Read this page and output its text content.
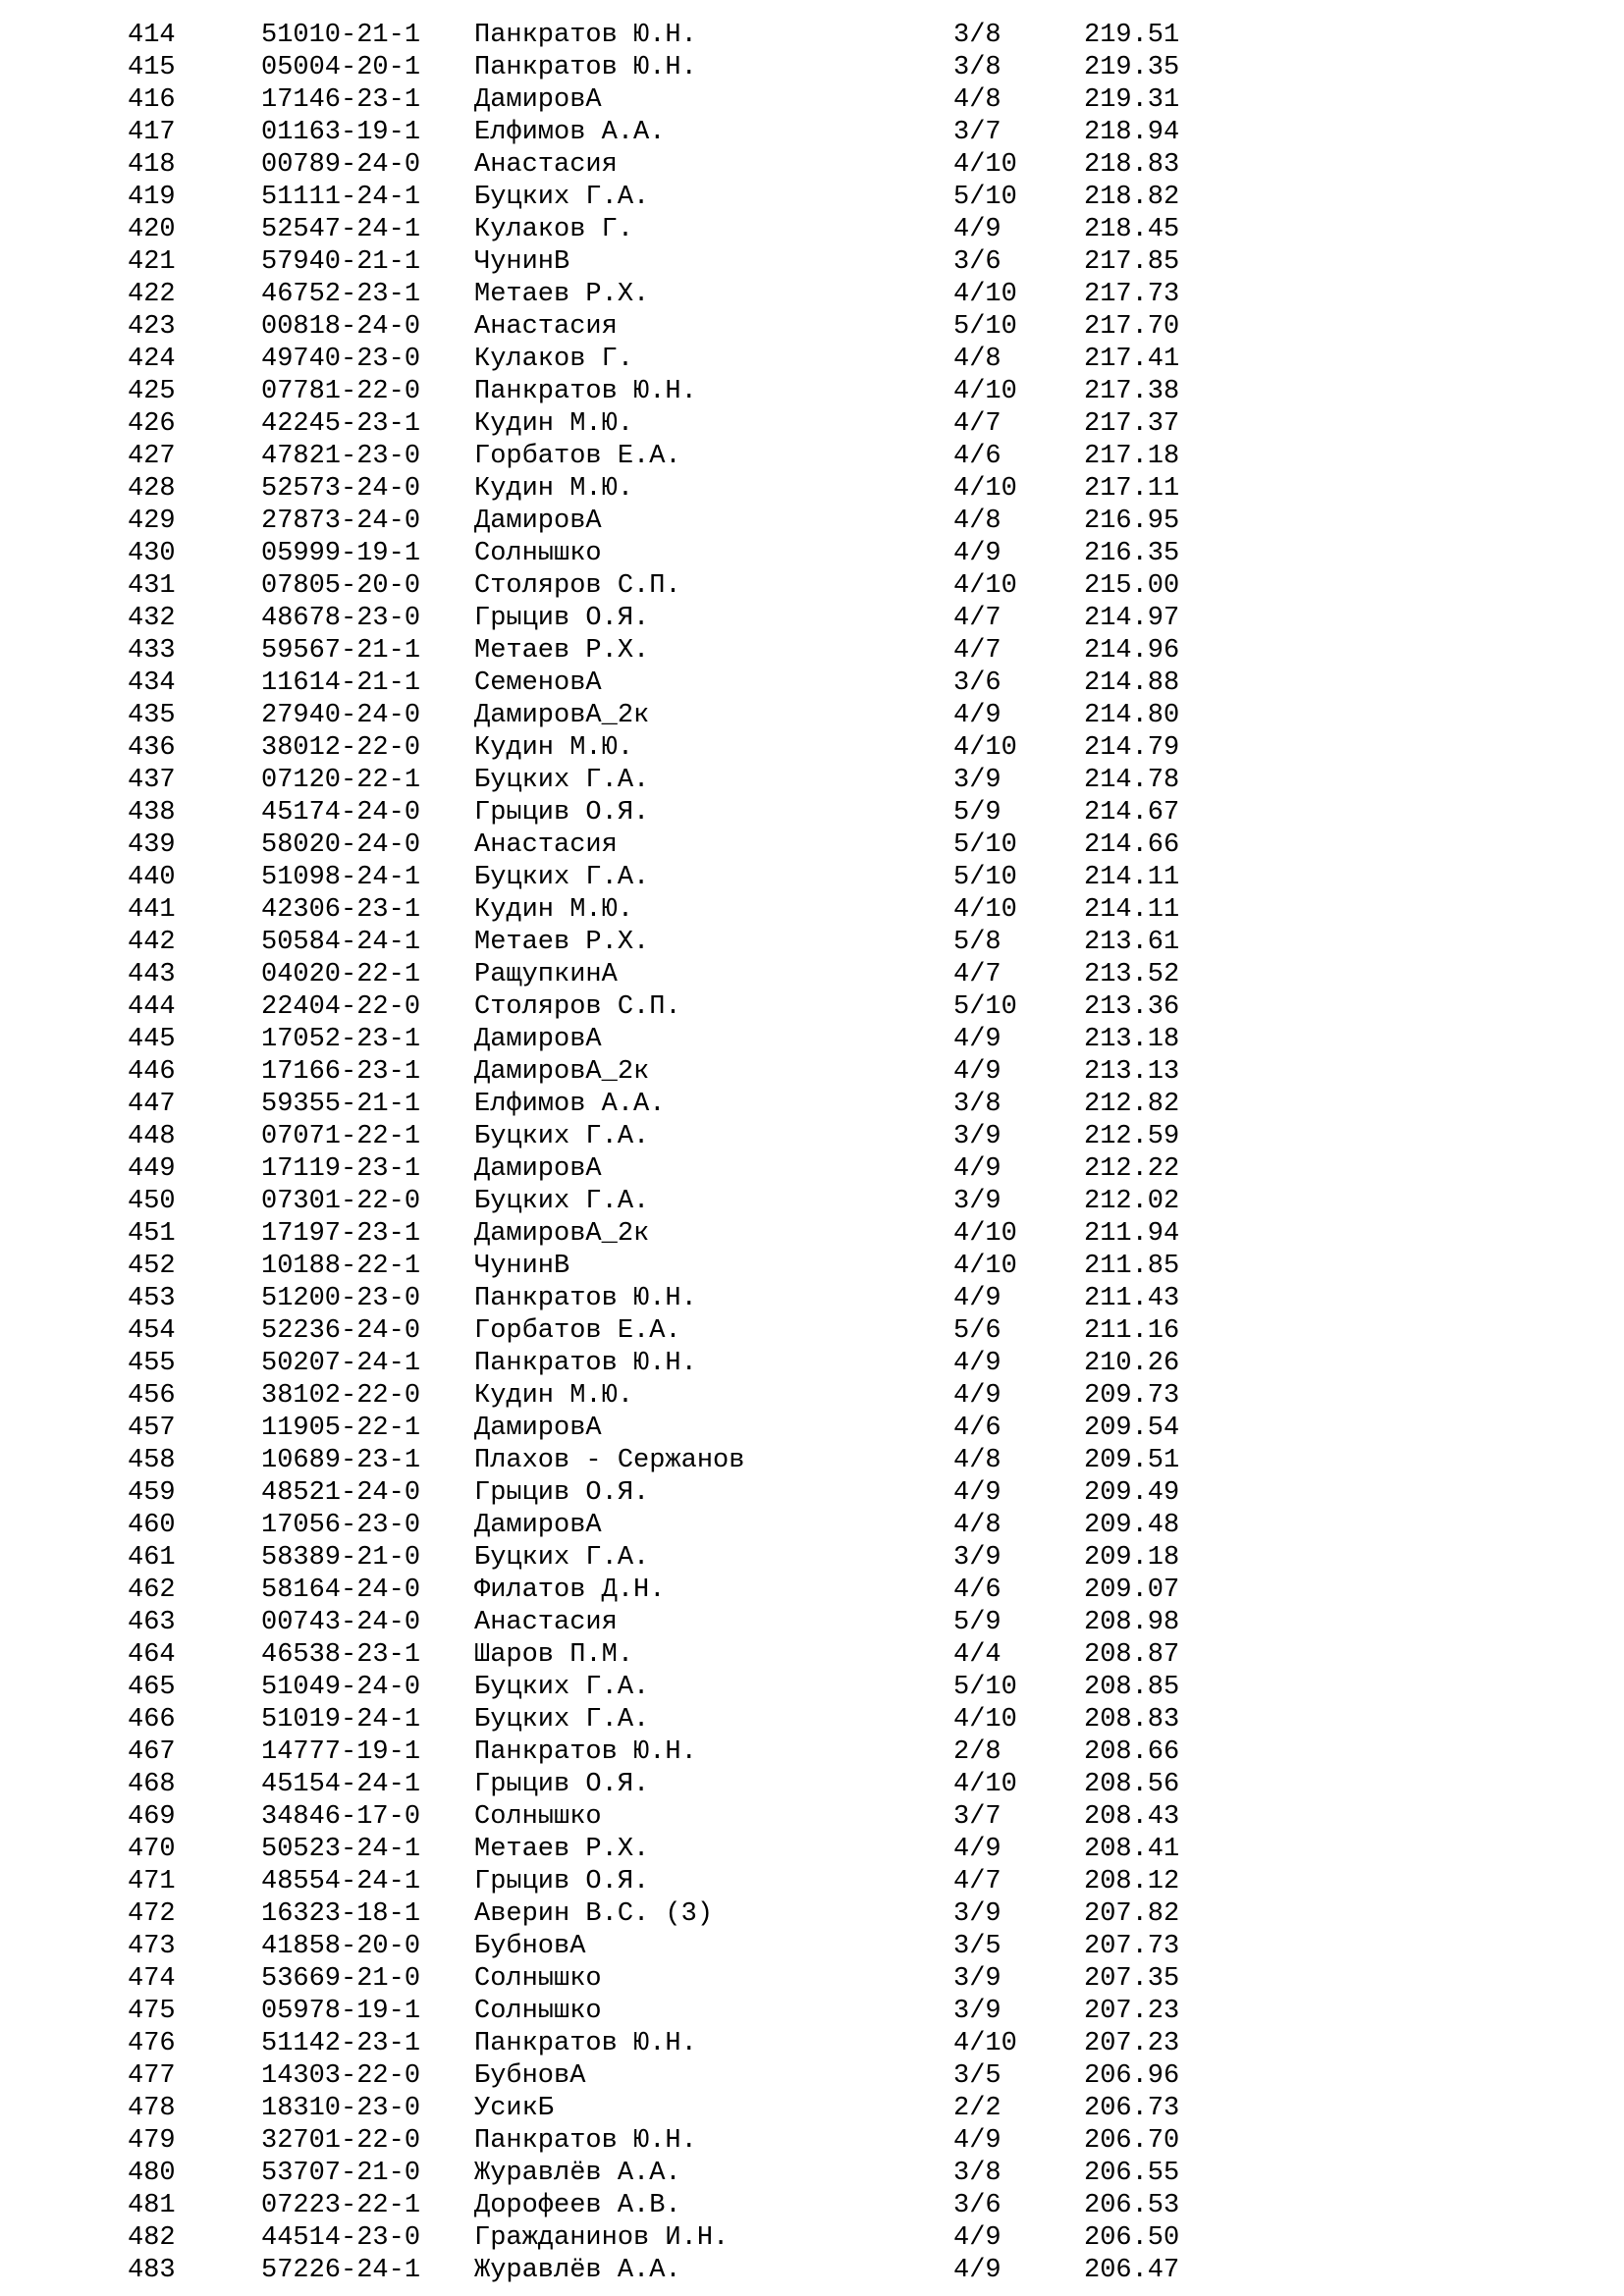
414	51010-21-1	Панкратов Ю.Н.	3/8	219.51
415	05004-20-1	Панкратов Ю.Н.	3/8	219.35
416	17146-23-1	ДамировА	4/8	219.31
417	01163-19-1	Елфимов А.А.	3/7	218.94
418	00789-24-0	Анастасия	4/10	218.83
419	51111-24-1	Буцких Г.А.	5/10	218.82
420	52547-24-1	Кулаков Г.	4/9	218.45
421	57940-21-1	ЧунинВ	3/6	217.85
422	46752-23-1	Метаев Р.Х.	4/10	217.73
423	00818-24-0	Анастасия	5/10	217.70
424	49740-23-0	Кулаков Г.	4/8	217.41
425	07781-22-0	Панкратов Ю.Н.	4/10	217.38
426	42245-23-1	Кудин М.Ю.	4/7	217.37
427	47821-23-0	Горбатов Е.А.	4/6	217.18
428	52573-24-0	Кудин М.Ю.	4/10	217.11
429	27873-24-0	ДамировА	4/8	216.95
430	05999-19-1	Солнышко	4/9	216.35
431	07805-20-0	Столяров С.П.	4/10	215.00
432	48678-23-0	Грыцив О.Я.	4/7	214.97
433	59567-21-1	Метаев Р.Х.	4/7	214.96
434	11614-21-1	СеменовА	3/6	214.88
435	27940-24-0	ДамировА_2к	4/9	214.80
436	38012-22-0	Кудин М.Ю.	4/10	214.79
437	07120-22-1	Буцких Г.А.	3/9	214.78
438	45174-24-0	Грыцив О.Я.	5/9	214.67
439	58020-24-0	Анастасия	5/10	214.66
440	51098-24-1	Буцких Г.А.	5/10	214.11
441	42306-23-1	Кудин М.Ю.	4/10	214.11
442	50584-24-1	Метаев Р.Х.	5/8	213.61
443	04020-22-1	РащупкинА	4/7	213.52
444	22404-22-0	Столяров С.П.	5/10	213.36
445	17052-23-1	ДамировА	4/9	213.18
446	17166-23-1	ДамировА_2к	4/9	213.13
447	59355-21-1	Елфимов А.А.	3/8	212.82
448	07071-22-1	Буцких Г.А.	3/9	212.59
449	17119-23-1	ДамировА	4/9	212.22
450	07301-22-0	Буцких Г.А.	3/9	212.02
451	17197-23-1	ДамировА_2к	4/10	211.94
452	10188-22-1	ЧунинВ	4/10	211.85
453	51200-23-0	Панкратов Ю.Н.	4/9	211.43
454	52236-24-0	Горбатов Е.А.	5/6	211.16
455	50207-24-1	Панкратов Ю.Н.	4/9	210.26
456	38102-22-0	Кудин М.Ю.	4/9	209.73
457	11905-22-1	ДамировА	4/6	209.54
458	10689-23-1	Плахов - Сержанов	4/8	209.51
459	48521-24-0	Грыцив О.Я.	4/9	209.49
460	17056-23-0	ДамировА	4/8	209.48
461	58389-21-0	Буцких Г.А.	3/9	209.18
462	58164-24-0	Филатов Д.Н.	4/6	209.07
463	00743-24-0	Анастасия	5/9	208.98
464	46538-23-1	Шаров П.М.	4/4	208.87
465	51049-24-0	Буцких Г.А.	5/10	208.85
466	51019-24-1	Буцких Г.А.	4/10	208.83
467	14777-19-1	Панкратов Ю.Н.	2/8	208.66
468	45154-24-1	Грыцив О.Я.	4/10	208.56
469	34846-17-0	Солнышко	3/7	208.43
470	50523-24-1	Метаев Р.Х.	4/9	208.41
471	48554-24-1	Грыцив О.Я.	4/7	208.12
472	16323-18-1	Аверин В.С. (3)	3/9	207.82
473	41858-20-0	БубновА	3/5	207.73
474	53669-21-0	Солнышко	3/9	207.35
475	05978-19-1	Солнышко	3/9	207.23
476	51142-23-1	Панкратов Ю.Н.	4/10	207.23
477	14303-22-0	БубновА	3/5	206.96
478	18310-23-0	УсикБ	2/2	206.73
479	32701-22-0	Панкратов Ю.Н.	4/9	206.70
480	53707-21-0	Журавлёв А.А.	3/8	206.55
481	07223-22-1	Дорофеев А.В.	3/6	206.53
482	44514-23-0	Гражданинов И.Н.	4/9	206.50
483	57226-24-1	Журавлёв А.А.	4/9	206.47
